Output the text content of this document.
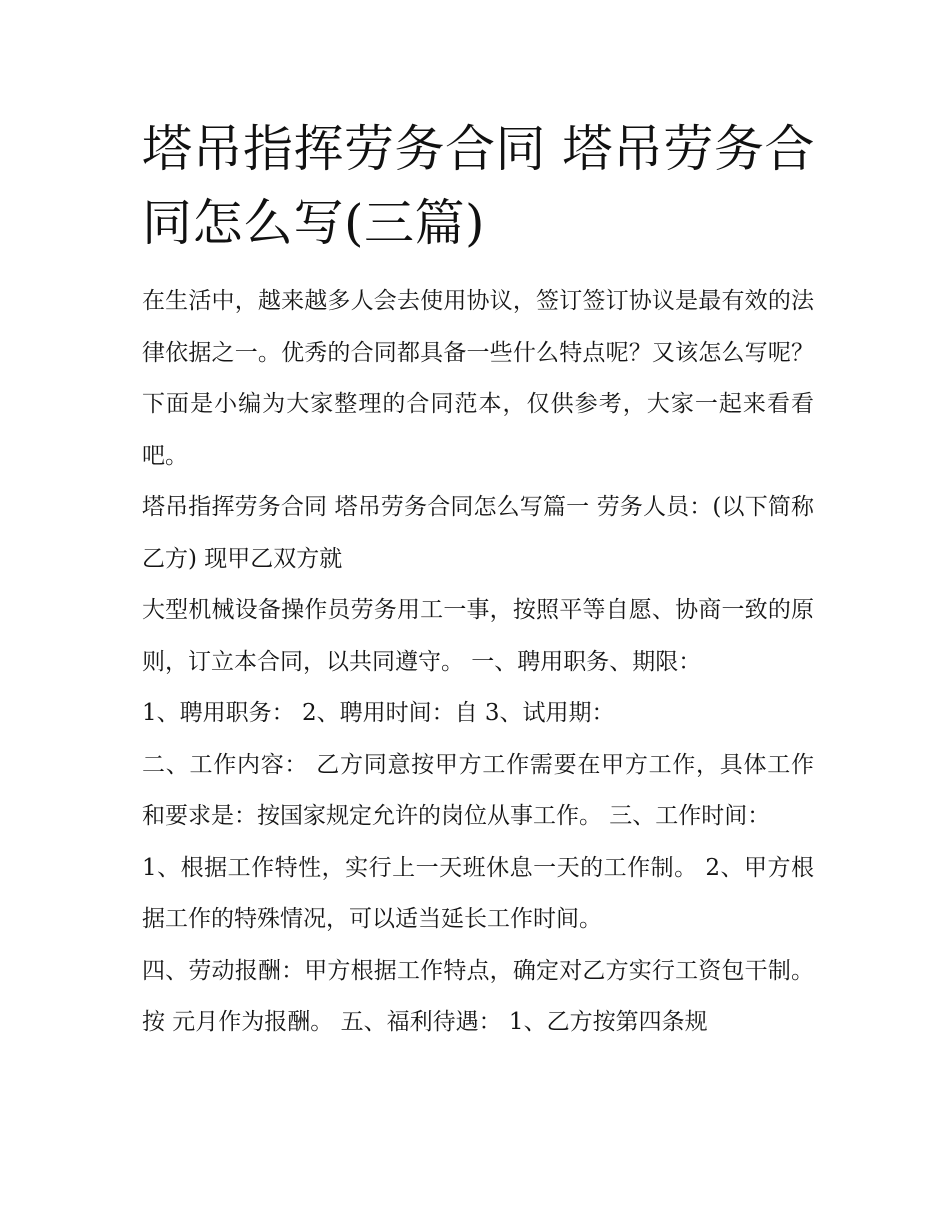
塔吊指挥劳务合同 塔吊劳务合同怎么写(三篇)

在生活中，越来越多人会去使用协议，签订签订协议是最有效的法律依据之一。优秀的合同都具备一些什么特点呢？又该怎么写呢？下面是小编为大家整理的合同范本，仅供参考，大家一起来看看吧。

塔吊指挥劳务合同 塔吊劳务合同怎么写篇一 劳务人员：(以下简称乙方) 现甲乙双方就

大型机械设备操作员劳务用工一事，按照平等自愿、协商一致的原则，订立本合同，以共同遵守。 一、聘用职务、期限：

1、聘用职务： 2、聘用时间：自 3、试用期：

二、工作内容： 乙方同意按甲方工作需要在甲方工作，具体工作和要求是：按国家规定允许的岗位从事工作。 三、工作时间：

1、根据工作特性，实行上一天班休息一天的工作制。 2、甲方根据工作的特殊情况，可以适当延长工作时间。

四、劳动报酬：甲方根据工作特点，确定对乙方实行工资包干制。按 元月作为报酬。 五、福利待遇： 1、乙方按第四条规
